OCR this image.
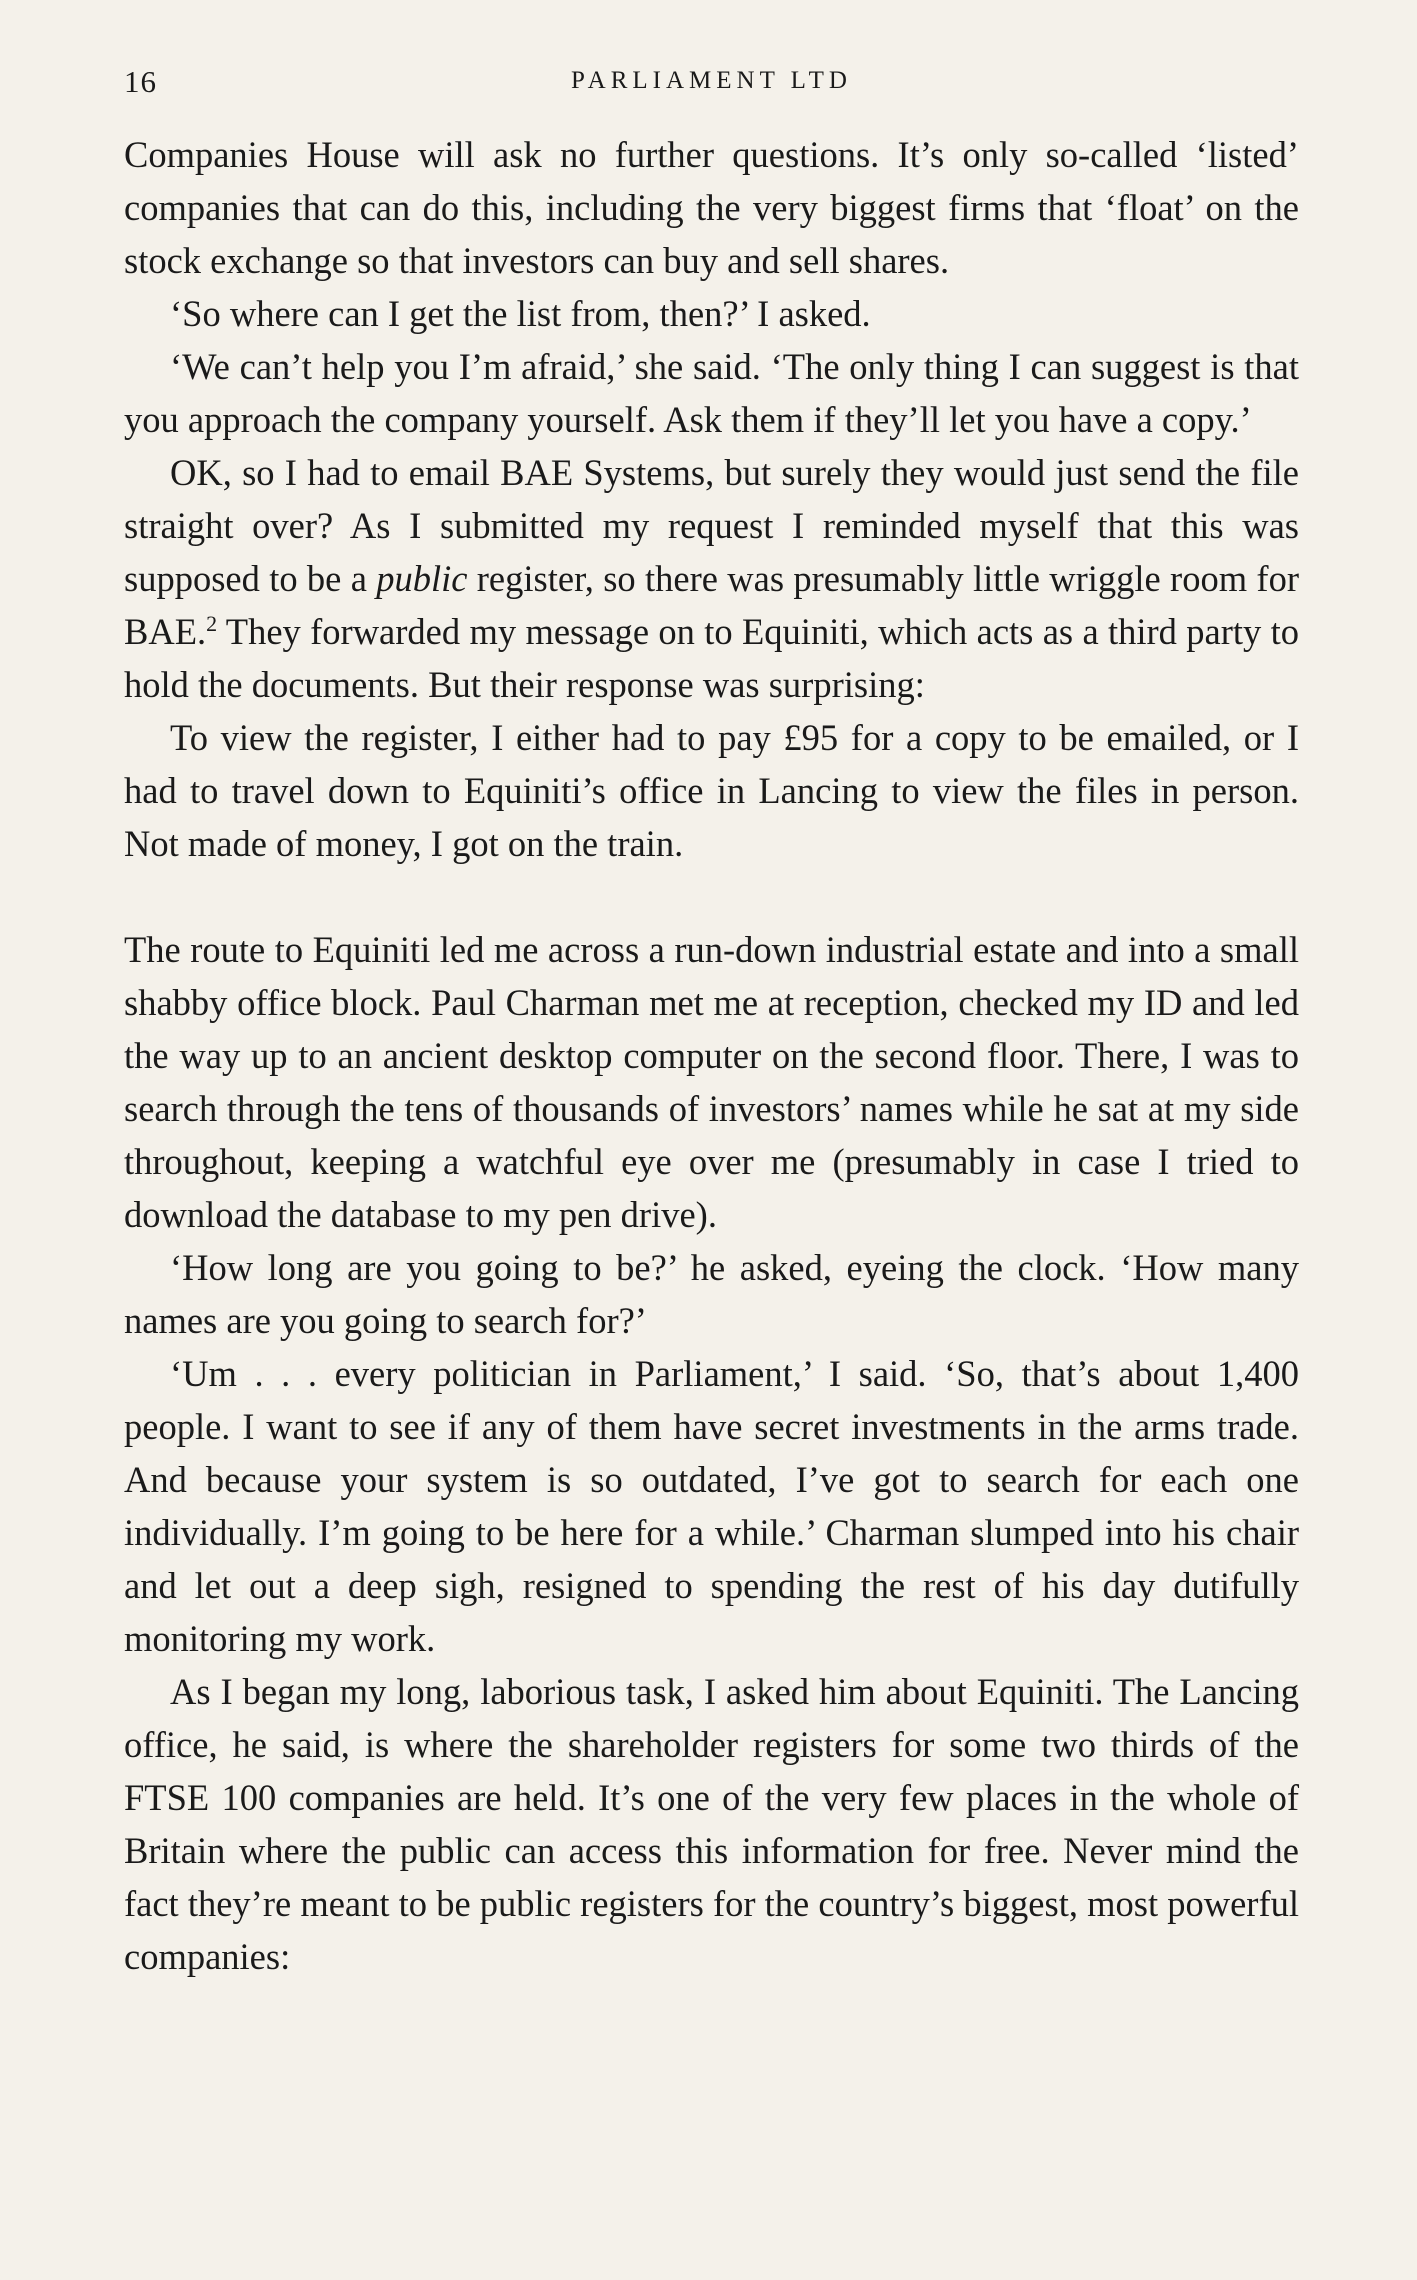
16	PARLIAMENT LTD

Companies House will ask no further questions. It’s only so-called ‘listed’ companies that can do this, including the very biggest firms that ‘float’ on the stock exchange so that investors can buy and sell shares.

‘So where can I get the list from, then?’ I asked.

‘We can’t help you I’m afraid,’ she said. ‘The only thing I can suggest is that you approach the company yourself. Ask them if they’ll let you have a copy.’

OK, so I had to email BAE Systems, but surely they would just send the file straight over? As I submitted my request I reminded myself that this was supposed to be a public register, so there was presumably little wriggle room for BAE.$^2$ They forwarded my message on to Equiniti, which acts as a third party to hold the documents. But their response was surprising:

To view the register, I either had to pay £95 for a copy to be emailed, or I had to travel down to Equiniti’s office in Lancing to view the files in person. Not made of money, I got on the train.

The route to Equiniti led me across a run-down industrial estate and into a small shabby office block. Paul Charman met me at reception, checked my ID and led the way up to an ancient desktop computer on the second floor. There, I was to search through the tens of thousands of investors’ names while he sat at my side throughout, keeping a watchful eye over me (presumably in case I tried to download the database to my pen drive).

‘How long are you going to be?’ he asked, eyeing the clock. ‘How many names are you going to search for?’

‘Um . . . every politician in Parliament,’ I said. ‘So, that’s about 1,400 people. I want to see if any of them have secret investments in the arms trade. And because your system is so outdated, I’ve got to search for each one individually. I’m going to be here for a while.’ Charman slumped into his chair and let out a deep sigh, resigned to spending the rest of his day dutifully monitoring my work.

As I began my long, laborious task, I asked him about Equiniti. The Lancing office, he said, is where the shareholder registers for some two thirds of the FTSE 100 companies are held. It’s one of the very few places in the whole of Britain where the public can access this information for free. Never mind the fact they’re meant to be public registers for the country’s biggest, most powerful companies:
